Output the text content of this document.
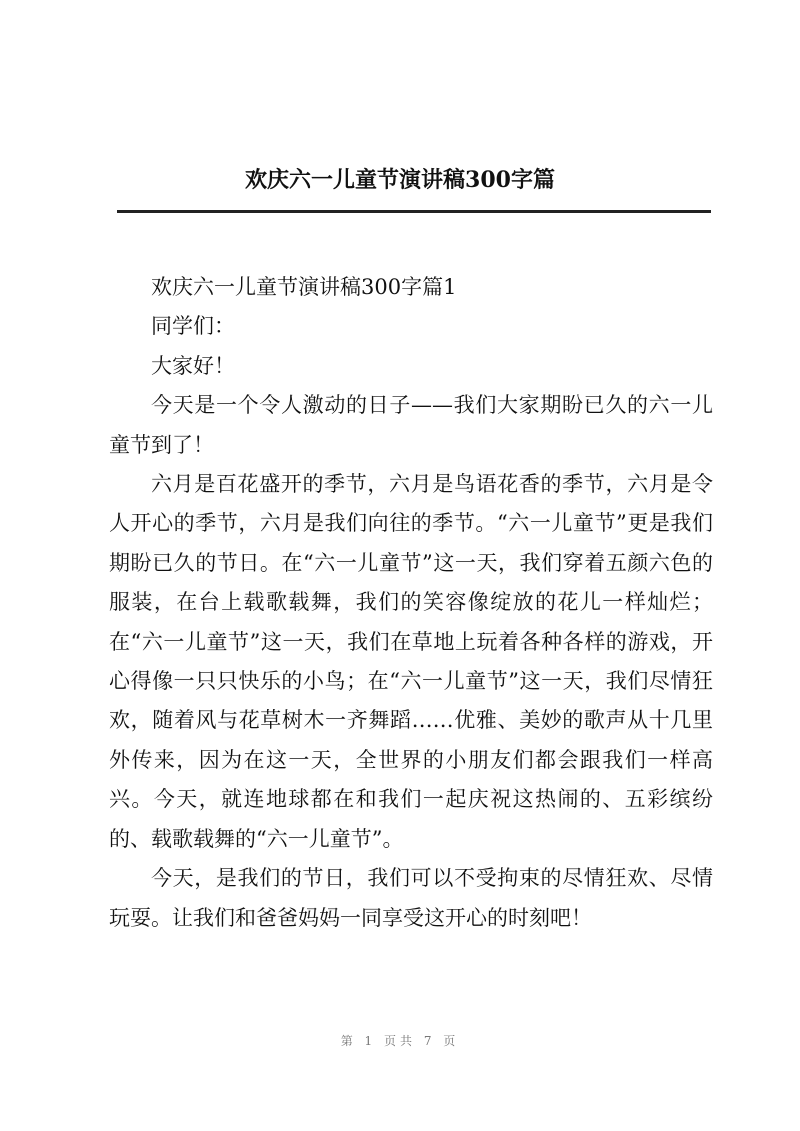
欢庆六一儿童节演讲稿300字篇

欢庆六一儿童节演讲稿300字篇1

同学们：

大家好！

今天是一个令人激动的日子——我们大家期盼已久的六一儿童节到了！

六月是百花盛开的季节，六月是鸟语花香的季节，六月是令人开心的季节，六月是我们向往的季节。“六一儿童节”更是我们期盼已久的节日。在“六一儿童节”这一天，我们穿着五颜六色的服装，在台上载歌载舞，我们的笑容像绽放的花儿一样灿烂；在“六一儿童节”这一天，我们在草地上玩着各种各样的游戏，开心得像一只只快乐的小鸟；在“六一儿童节”这一天，我们尽情狂欢，随着风与花草树木一齐舞蹈……优雅、美妙的歌声从十几里外传来，因为在这一天，全世界的小朋友们都会跟我们一样高兴。今天，就连地球都在和我们一起庆祝这热闹的、五彩缤纷的、载歌载舞的“六一儿童节”。

今天，是我们的节日，我们可以不受拘束的尽情狂欢、尽情玩耍。让我们和爸爸妈妈一同享受这开心的时刻吧！

第 1 页共 7 页
